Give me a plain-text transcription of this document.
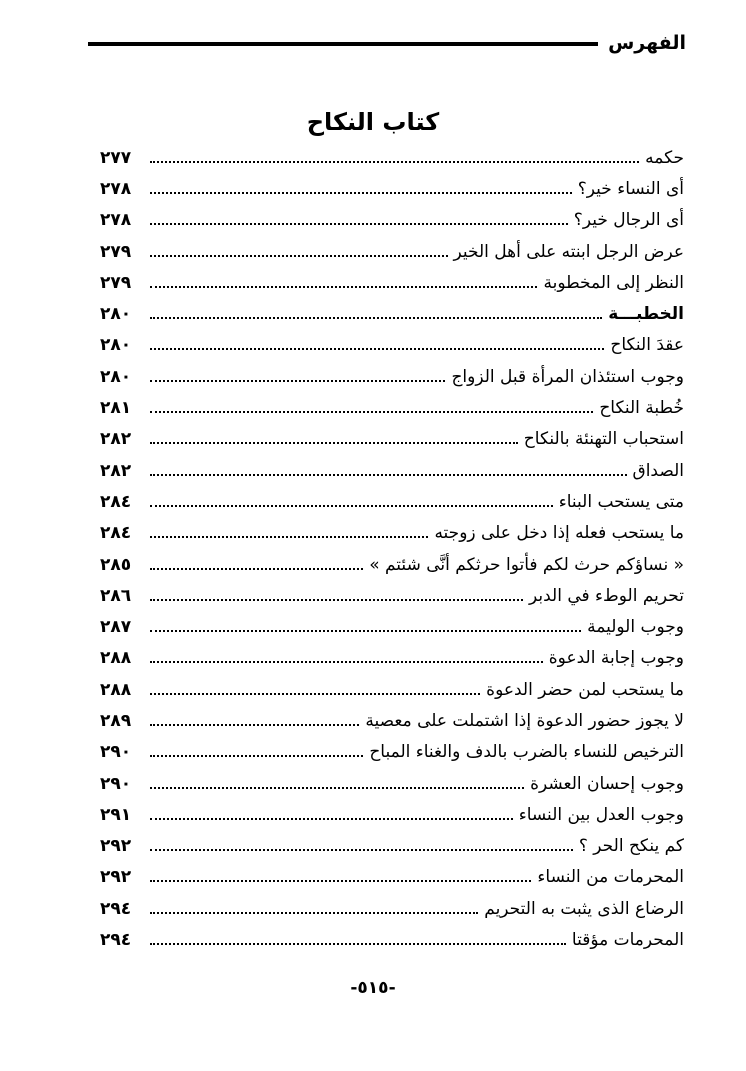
الفهرس
كتاب النكاح
حكمه
٢٧٧
أى النساء خير؟
٢٧٨
أى الرجال خير؟
٢٧٨
عرض الرجل ابنته على أهل الخير
٢٧٩
النظر إلى المخطوبة
٢٧٩
الخطبـــة
٢٨٠
عقدَ النكاح
٢٨٠
وجوب استئذان المرأة قبل الزواج
٢٨٠
خُطبة النكاح
٢٨١
استحباب التهنئة بالنكاح
٢٨٢
الصداق
٢٨٢
متى يستحب البناء
٢٨٤
ما يستحب فعله إذا دخل على زوجته
٢٨٤
« نساؤكم حرث لكم فأتوا حرثكم أنَّى شئتم »
٢٨٥
تحريم الوطء في الدبر
٢٨٦
وجوب الوليمة
٢٨٧
وجوب إجابة الدعوة
٢٨٨
ما يستحب لمن حضر الدعوة
٢٨٨
لا يجوز حضور الدعوة إذا اشتملت على معصية
٢٨٩
الترخيص للنساء بالضرب بالدف والغناء المباح
٢٩٠
وجوب إحسان العشرة
٢٩٠
وجوب العدل بين النساء
٢٩١
كم ينكح الحر ؟
٢٩٢
المحرمات من النساء
٢٩٢
الرضاع الذى يثبت به التحريم
٢٩٤
المحرمات مؤقتا
٢٩٤
-٥١٥-
